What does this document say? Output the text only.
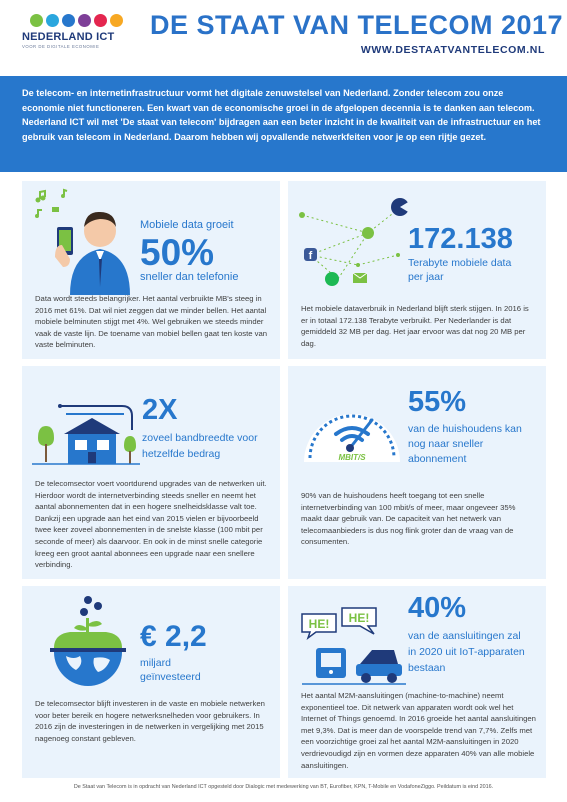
NEDERLAND ICT
VOOR DE DIGITALE ECONOMIE
DE STAAT VAN TELECOM 2017
WWW.DESTAATVANTELECOM.NL

De telecom- en internetinfrastructuur vormt het digitale zenuwstelsel van Nederland. Zonder telecom zou onze economie niet functioneren. Een kwart van de economische groei in de afgelopen decennia is te danken aan telecom. Nederland ICT wil met 'De staat van telecom' bijdragen aan een beter inzicht in de kwaliteit van de infrastructuur en het gebruik van telecom in Nederland. Daarom hebben wij opvallende netwerkfeiten voor je op een rijtje gezet.

Mobiele data groeit
50%
sneller dan telefonie
Data wordt steeds belangrijker. Het aantal verbruikte MB's steeg in 2016 met 61%. Dat wil niet zeggen dat we minder bellen. Het aantal mobiele belminuten stijgt met 4%. Wel gebruiken we steeds minder vaak de vaste lijn. De toename van mobiel bellen gaat ten koste van vaste belminuten.
f
172.138
Terabyte mobiele data per jaar
Het mobiele dataverbruik in Nederland blijft sterk stijgen. In 2016 is er in totaal 172.138 Terabyte verbruikt. Per Nederlander is dat gemiddeld 32 MB per dag. Het jaar ervoor was dat nog 20 MB per dag.
2X
zoveel bandbreedte voor hetzelfde bedrag
De telecomsector voert voortdurend upgrades van de netwerken uit. Hierdoor wordt de internetverbinding steeds sneller en neemt het aantal abonnementen dat in een hogere snelheidsklasse valt toe. Dankzij een upgrade aan het eind van 2015 vielen er bijvoorbeeld twee keer zoveel abonnementen in de snelste klasse (100 mbit per seconde of meer) als daarvoor. En ook in de minst snelle categorie kreeg een groot aantal abonnees een upgrade naar een snellere verbinding.
MBIT/S
55%
van de huishoudens kan nog naar sneller abonnement
90% van de huishoudens heeft toegang tot een snelle internetverbinding van 100 mbit/s of meer, maar ongeveer 35% maakt daar gebruik van. De capaciteit van het netwerk van telecomaanbieders is dus nog flink groter dan de vraag van de consumenten.
€ 2,2
miljard geïnvesteerd
De telecomsector blijft investeren in de vaste en mobiele netwerken voor beter bereik en hogere netwerksnelheden voor gebruikers. In 2016 zijn de investeringen in de netwerken in vergelijking met 2015 nagenoeg constant gebleven.
HE! HE! 40%
van de aansluitingen zal in 2020 uit IoT-apparaten bestaan
Het aantal M2M-aansluitingen (machine-to-machine) neemt exponentieel toe. Dit netwerk van apparaten wordt ook wel het Internet of Things genoemd. In 2016 groeide het aantal aansluitingen met 9,3%. Dat is meer dan de voorspelde trend van 7,7%. Zelfs met een voorzichtige groei zal het aantal M2M-aansluitingen in 2020 verdrievoudigd zijn en vormen deze apparaten 40% van alle mobiele aansluitingen.
De Staat van Telecom is in opdracht van Nederland ICT opgesteld door Dialogic met medewerking van BT, Eurofiber, KPN, T-Mobile en VodafoneZiggo. Peildatum is eind 2016.
